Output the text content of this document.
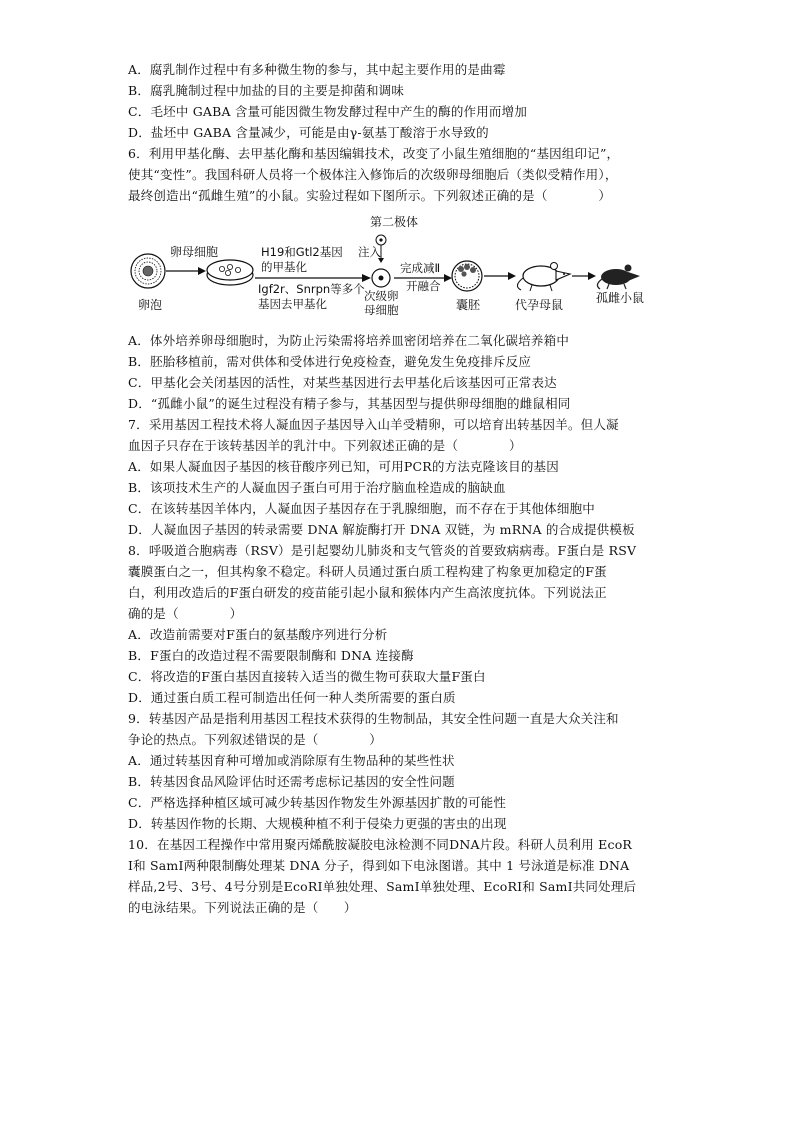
A．腐乳制作过程中有多种微生物的参与，其中起主要作用的是曲霉
B．腐乳腌制过程中加盐的目的主要是抑菌和调味
C．毛坯中 GABA 含量可能因微生物发酵过程中产生的酶的作用而增加
D．盐坯中 GABA 含量减少，可能是由γ-氨基丁酸溶于水导致的
6．利用甲基化酶、去甲基化酶和基因编辑技术，改变了小鼠生殖细胞的“基因组印记”，
使其“变性”。我国科研人员将一个极体注入修饰后的次级卵母细胞后（类似受精作用），
最终创造出“孤雌生殖”的小鼠。实验过程如下图所示。下列叙述正确的是（　　　　）
卵泡
卵母细胞	H19和Gtl2基因
的甲基化
Igf2r、Snrpn等多个
基因去甲基化
第二极体
注入
次级卵
母细胞
完成减Ⅱ
开融合
囊胚	代孕母鼠	孤雌小鼠
A．体外培养卵母细胞时，为防止污染需将培养皿密闭培养在二氧化碳培养箱中
B．胚胎移植前，需对供体和受体进行免疫检查，避免发生免疫排斥反应
C．甲基化会关闭基因的活性，对某些基因进行去甲基化后该基因可正常表达
D．“孤雌小鼠”的诞生过程没有精子参与，其基因型与提供卵母细胞的雌鼠相同
7．采用基因工程技术将人凝血因子基因导入山羊受精卵，可以培育出转基因羊。但人凝
血因子只存在于该转基因羊的乳汁中。下列叙述正确的是（　　　　）
A．如果人凝血因子基因的核苷酸序列已知，可用PCR的方法克隆该目的基因
B．该项技术生产的人凝血因子蛋白可用于治疗脑血栓造成的脑缺血
C．在该转基因羊体内，人凝血因子基因存在于乳腺细胞，而不存在于其他体细胞中
D．人凝血因子基因的转录需要 DNA 解旋酶打开 DNA 双链，为 mRNA 的合成提供模板
8．呼吸道合胞病毒（RSV）是引起婴幼儿肺炎和支气管炎的首要致病病毒。F蛋白是 RSV
囊膜蛋白之一，但其构象不稳定。科研人员通过蛋白质工程构建了构象更加稳定的F蛋
白，利用改造后的F蛋白研发的疫苗能引起小鼠和猴体内产生高浓度抗体。下列说法正
确的是（　　　　）
A．改造前需要对F蛋白的氨基酸序列进行分析
B．F蛋白的改造过程不需要限制酶和 DNA 连接酶
C．将改造的F蛋白基因直接转入适当的微生物可获取大量F蛋白
D．通过蛋白质工程可制造出任何一种人类所需要的蛋白质
9．转基因产品是指利用基因工程技术获得的生物制品，其安全性问题一直是大众关注和
争论的热点。下列叙述错误的是（　　　　）
A．通过转基因育种可增加或消除原有生物品种的某些性状
B．转基因食品风险评估时还需考虑标记基因的安全性问题
C．严格选择种植区域可减少转基因作物发生外源基因扩散的可能性
D．转基因作物的长期、大规模种植不利于侵染力更强的害虫的出现
10．在基因工程操作中常用聚丙烯酰胺凝胶电泳检测不同DNA片段。科研人员利用 EcoR
Ⅰ和 SamⅠ两种限制酶处理某 DNA 分子，得到如下电泳图谱。其中 1 号泳道是标准 DNA
样品,2号、3号、4号分别是EcoRⅠ单独处理、SamⅠ单独处理、EcoRⅠ和 SamⅠ共同处理后
的电泳结果。下列说法正确的是（　　）
